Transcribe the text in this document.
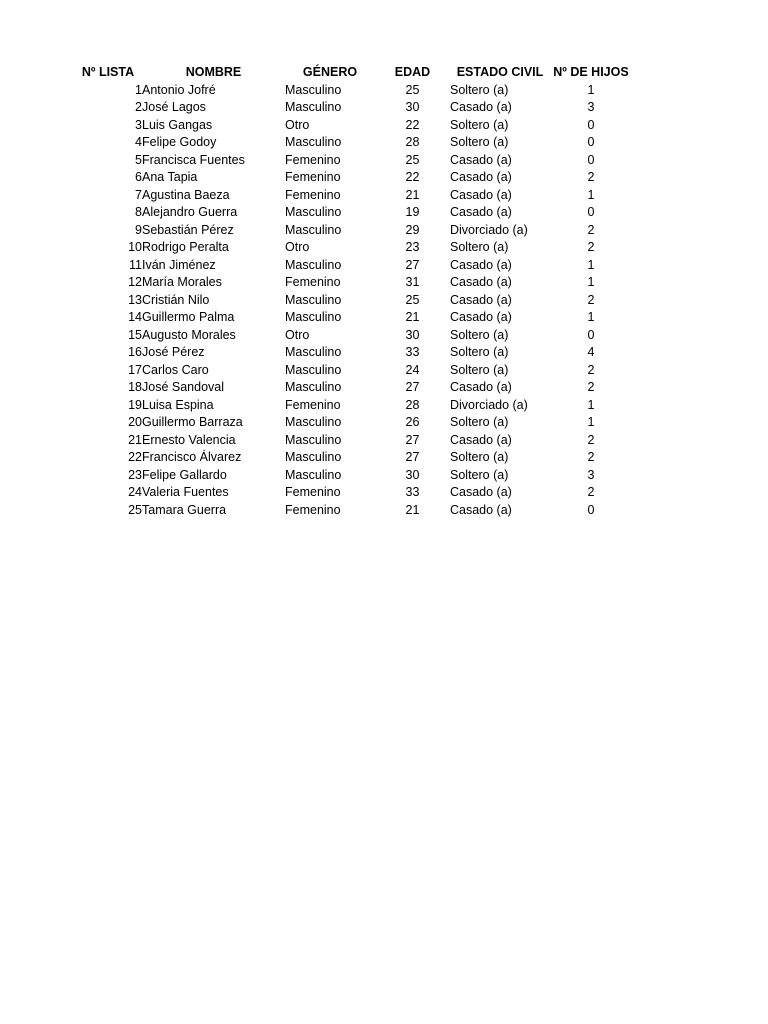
Nº LISTA	NOMBRE	GÉNERO	EDAD	ESTADO CIVIL	Nº DE HIJOS
1	Antonio Jofré	Masculino	25	Soltero (a)	1
2	José Lagos	Masculino	30	Casado (a)	3
3	Luis Gangas	Otro	22	Soltero (a)	0
4	Felipe Godoy	Masculino	28	Soltero (a)	0
5	Francisca Fuentes	Femenino	25	Casado (a)	0
6	Ana Tapia	Femenino	22	Casado (a)	2
7	Agustina Baeza	Femenino	21	Casado (a)	1
8	Alejandro Guerra	Masculino	19	Casado (a)	0
9	Sebastián Pérez	Masculino	29	Divorciado (a)	2
10	Rodrigo Peralta	Otro	23	Soltero (a)	2
11	Iván Jiménez	Masculino	27	Casado (a)	1
12	María Morales	Femenino	31	Casado (a)	1
13	Cristián Nilo	Masculino	25	Casado (a)	2
14	Guillermo Palma	Masculino	21	Casado (a)	1
15	Augusto Morales	Otro	30	Soltero (a)	0
16	José Pérez	Masculino	33	Soltero (a)	4
17	Carlos Caro	Masculino	24	Soltero (a)	2
18	José Sandoval	Masculino	27	Casado (a)	2
19	Luisa Espina	Femenino	28	Divorciado (a)	1
20	Guillermo Barraza	Masculino	26	Soltero (a)	1
21	Ernesto Valencia	Masculino	27	Casado (a)	2
22	Francisco Álvarez	Masculino	27	Soltero (a)	2
23	Felipe Gallardo	Masculino	30	Soltero (a)	3
24	Valeria Fuentes	Femenino	33	Casado (a)	2
25	Tamara Guerra	Femenino	21	Casado (a)	0
